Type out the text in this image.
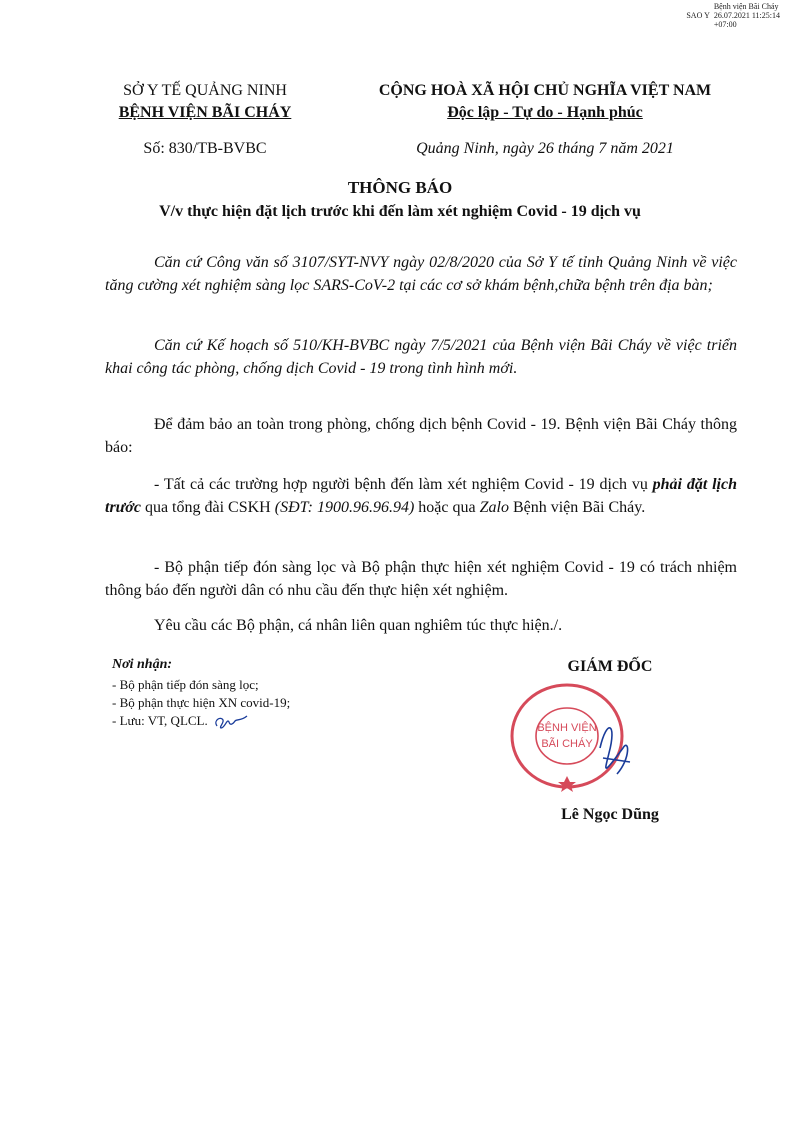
SAO Y
Bệnh viện Bãi Cháy
26.07.2021 11:25:14
+07:00
SỞ Y TẾ QUẢNG NINH
BỆNH VIỆN BÃI CHÁY
Số: 830/TB-BVBC
CỘNG HOÀ XÃ HỘI CHỦ NGHĨA VIỆT NAM
Độc lập - Tự do - Hạnh phúc
Quảng Ninh, ngày 26 tháng 7 năm 2021
THÔNG BÁO
V/v thực hiện đặt lịch trước khi đến làm xét nghiệm Covid - 19 dịch vụ
Căn cứ Công văn số 3107/SYT-NVY ngày 02/8/2020 của Sở Y tế tỉnh Quảng Ninh về việc tăng cường xét nghiệm sàng lọc SARS-CoV-2 tại các cơ sở khám bệnh,chữa bệnh trên địa bàn;
Căn cứ Kế hoạch số 510/KH-BVBC ngày 7/5/2021 của Bệnh viện Bãi Cháy về việc triển khai công tác phòng, chống dịch Covid - 19 trong tình hình mới.
Để đảm bảo an toàn trong phòng, chống dịch bệnh Covid - 19. Bệnh viện Bãi Cháy thông báo:
- Tất cả các trường hợp người bệnh đến làm xét nghiệm Covid - 19 dịch vụ phải đặt lịch trước qua tổng đài CSKH (SĐT: 1900.96.96.94) hoặc qua Zalo Bệnh viện Bãi Cháy.
- Bộ phận tiếp đón sàng lọc và Bộ phận thực hiện xét nghiệm Covid - 19 có trách nhiệm thông báo đến người dân có nhu cầu đến thực hiện xét nghiệm.
Yêu cầu các Bộ phận, cá nhân liên quan nghiêm túc thực hiện./.
Nơi nhận:
- Bộ phận tiếp đón sàng lọc;
- Bộ phận thực hiện XN covid-19;
- Lưu: VT, QLCL.
GIÁM ĐỐC
BỆNH VIỆN
BÃI CHÁY
Lê Ngọc Dũng
